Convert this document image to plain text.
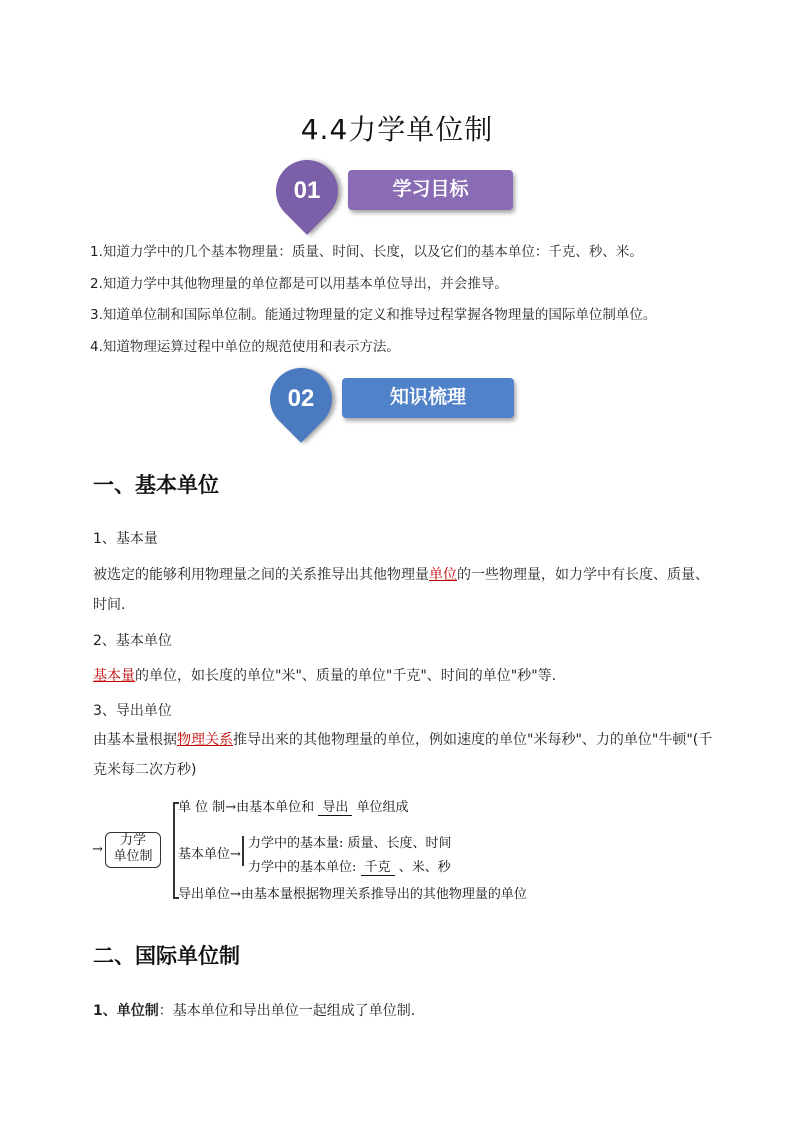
4.4力学单位制
01	学习目标
1.知道力学中的几个基本物理量：质量、时间、长度，以及它们的基本单位：千克、秒、米。
2.知道力学中其他物理量的单位都是可以用基本单位导出，并会推导。
3.知道单位制和国际单位制。能通过物理量的定义和推导过程掌握各物理量的国际单位制单位。
4.知道物理运算过程中单位的规范使用和表示方法。
02	知识梳理
一、基本单位
1、基本量
被选定的能够利用物理量之间的关系推导出其他物理量单位的一些物理量，如力学中有长度、质量、
时间.
2、基本单位
基本量的单位，如长度的单位"米"、质量的单位"千克"、时间的单位"秒"等.
3、导出单位
由基本量根据物理关系推导出来的其他物理量的单位，例如速度的单位"米每秒"、力的单位"牛顿"(千
克米每二次方秒)
→
力学
单位制
单 位 制→由基本单位和 导出 单位组成
基本单位→
力学中的基本量: 质量、长度、时间
力学中的基本单位: 千克 、米、秒
导出单位→由基本量根据物理关系推导出的其他物理量的单位
二、国际单位制
1、单位制：基本单位和导出单位一起组成了单位制.
